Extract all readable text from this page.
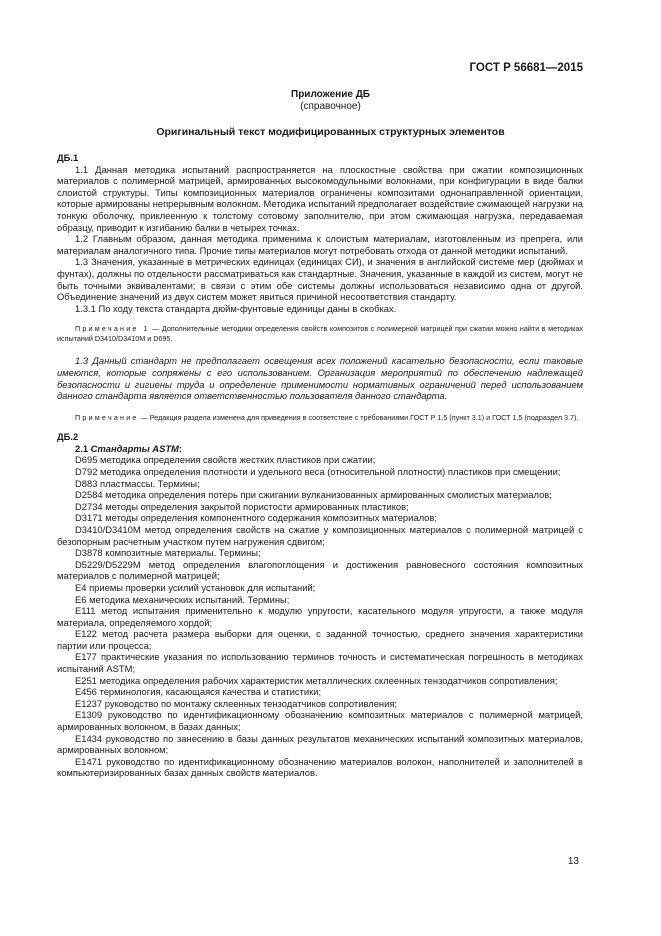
ГОСТ Р 56681—2015
Приложение ДБ
(справочное)
Оригинальный текст модифицированных структурных элементов

ДБ.1

1.1 Данная методика испытаний распространяется на плоскостные свойства при сжатии композиционных материалов с полимерной матрицей, армированных высокомодульными волокнами, при конфигурации в виде балки слоистой структуры. Типы композиционных материалов ограничены композитами однонаправленной ориентации, которые армированы непрерывным волокном. Методика испытаний предполагает воздействие сжимающей нагрузки на тонкую оболочку, приклеенную к толстому сотовому заполнителю, при этом сжимающая нагрузка, передаваемая образцу, приводит к изгибанию балки в четырех точках.

1.2 Главным образом, данная методика применима к слоистым материалам, изготовленным из препрега, или материалам аналогичного типа. Прочие типы материалов могут потребовать отхода от данной методики испытаний.

1.3 Значения, указанные в метрических единицах (единицах СИ), и значения в английской системе мер (дюймах и фунтах), должны по отдельности рассматриваться как стандартные. Значения, указанные в каждой из систем, могут не быть точными эквивалентами; в связи с этим обе системы должны использоваться независимо одна от другой. Объединение значений из двух систем может явиться причиной несоответствия стандарту.

1.3.1 По ходу текста стандарта дюйм-фунтовые единицы даны в скобках.

Примечание 1 — Дополнительные методики определения свойств композитов с полимерной матрицей при сжатии можно найти в методиках испытаний D3410/D3410M и D695.

1.3 Данный стандарт не предполагает освещения всех положений касательно безопасности, если таковые имеются, которые сопряжены с его использованием. Организация мероприятий по обеспечению надлежащей безопасности и гигиены труда и определение применимости нормативных ограничений перед использованием данного стандарта является ответственностью пользователя данного стандарта.

Примечание — Редакция раздела изменена для приведения в соответствие с требованиями ГОСТ Р 1.5 (пункт 3.1) и ГОСТ 1.5 (подраздел 3.7).

ДБ.2

2.1 Стандарты ASTM:

D695 методика определения свойств жестких пластиков при сжатии;

D792 методика определения плотности и удельного веса (относительной плотности) пластиков при смещении;

D883 пластмассы. Термины;

D2584 методика определения потерь при сжигании вулканизованных армированных смолистых материалов;

D2734 методы определения закрытой пористости армированных пластиков;

D3171 методы определения компонентного содержания композитных материалов;

D3410/D3410M метод определения свойств на сжатие у композиционных материалов с полимерной матрицей с безопорным расчетным участком путем нагружения сдвигом;

D3878 композитные материалы. Термины;

D5229/D5229M метод определения влагопоглощения и достижения равновесного состояния композитных материалов с полимерной матрицей;

E4 приемы проверки усилий установок для испытаний;

E6 методика механических испытаний. Термины;

E111 метод испытания применительно к модулю упругости, касательного модуля упругости, а также модуля материала, определяемого хордой;

E122 метод расчета размера выборки для оценки, с заданной точностью, среднего значения характеристики партии или процесса;

E177 практические указания по использованию терминов точность и систематическая погрешность в методиках испытаний ASTM;

E251 методика определения рабочих характеристик металлических склеенных тензодатчиков сопротивления;

E456 терминология, касающаяся качества и статистики;

E1237 руководство по монтажу склеенных тензодатчиков сопротивления;

E1309 руководство по идентификационному обозначению композитных материалов с полимерной матрицей, армированных волокном, в базах данных;

E1434 руководство по занесению в базы данных результатов механических испытаний композитных материалов, армированных волокном;

E1471 руководство по идентификационному обозначению материалов волокон, наполнителей и заполнителей в компьютеризированных базах данных свойств материалов.

13
